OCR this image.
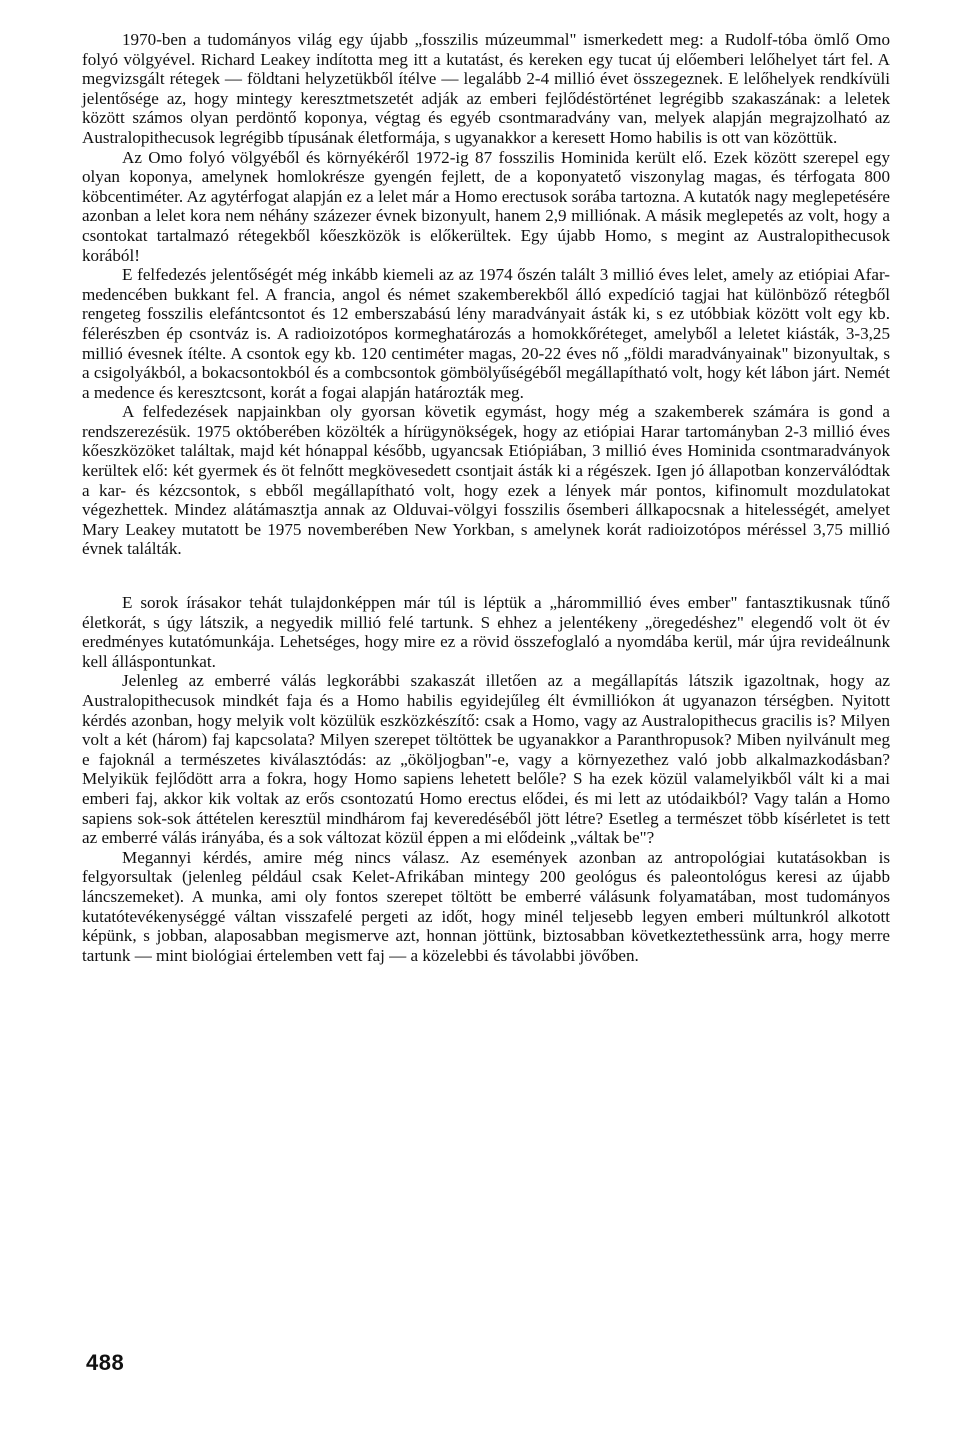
1970-ben a tudományos világ egy újabb „fosszilis múzeummal" ismerkedett meg: a Rudolf-tóba ömlő Omo folyó völgyével. Richard Leakey indította meg itt a kutatást, és kereken egy tucat új előemberi lelőhelyet tárt fel. A megvizsgált rétegek — földtani helyzetükből ítélve — legalább 2-4 millió évet összegeznek. E lelőhelyek rendkívüli jelentősége az, hogy mintegy keresztmetszetét adják az emberi fejlődéstörténet legrégibb szakaszának: a leletek között számos olyan perdöntő koponya, végtag és egyéb csontmaradvány van, melyek alapján megrajzolható az Australopithecusok legrégibb típusának életformája, s ugyanakkor a keresett Homo habilis is ott van közöttük.

Az Omo folyó völgyéből és környékéről 1972-ig 87 fosszilis Hominida került elő. Ezek között szerepel egy olyan koponya, amelynek homlokrésze gyengén fejlett, de a koponyatető viszonylag magas, és térfogata 800 köbcentiméter. Az agytérfogat alapján ez a lelet már a Homo erectusok sorába tartozna. A kutatók nagy meglepetésére azonban a lelet kora nem néhány százezer évnek bizonyult, hanem 2,9 milliónak. A másik meglepetés az volt, hogy a csontokat tartalmazó rétegekből kőeszközök is előkerültek. Egy újabb Homo, s megint az Australopithecusok korából!

E felfedezés jelentőségét még inkább kiemeli az az 1974 őszén talált 3 millió éves lelet, amely az etiópiai Afar-medencében bukkant fel. A francia, angol és német szakemberekből álló expedíció tagjai hat különböző rétegből rengeteg fosszilis elefántcsontot és 12 emberszabású lény maradványait ásták ki, s ez utóbbiak között volt egy kb. félerészben ép csontváz is. A radioizotópos kormeghatározás a homokkőréteget, amelyből a leletet kiásták, 3-3,25 millió évesnek ítélte. A csontok egy kb. 120 centiméter magas, 20-22 éves nő „földi maradványainak" bizonyultak, s a csigolyákból, a bokacsontokból és a combcsontok gömbölyűségéből megállapítható volt, hogy két lábon járt. Nemét a medence és keresztcsont, korát a fogai alapján határozták meg.

A felfedezések napjainkban oly gyorsan követik egymást, hogy még a szakemberek számára is gond a rendszerezésük. 1975 októberében közölték a hírügynökségek, hogy az etiópiai Harar tartományban 2-3 millió éves kőeszközöket találtak, majd két hónappal később, ugyancsak Etiópiában, 3 millió éves Hominida csontmaradványok kerültek elő: két gyermek és öt felnőtt megkövesedett csontjait ásták ki a régészek. Igen jó állapotban konzerválódtak a kar- és kézcsontok, s ebből megállapítható volt, hogy ezek a lények már pontos, kifinomult mozdulatokat végezhettek. Mindez alátámasztja annak az Olduvai-völgyi fosszilis ősemberi állkapocsnak a hitelességét, amelyet Mary Leakey mutatott be 1975 novemberében New Yorkban, s amelynek korát radioizotópos méréssel 3,75 millió évnek találták.

E sorok írásakor tehát tulajdonképpen már túl is léptük a „hárommillió éves ember" fantasztikusnak tűnő életkorát, s úgy látszik, a negyedik millió felé tartunk. S ehhez a jelentékeny „öregedéshez" elegendő volt öt év eredményes kutatómunkája. Lehetséges, hogy mire ez a rövid összefoglaló a nyomdába kerül, már újra revideálnunk kell álláspontunkat.

Jelenleg az emberré válás legkorábbi szakaszát illetően az a megállapítás látszik igazoltnak, hogy az Australopithecusok mindkét faja és a Homo habilis egyidejűleg élt évmilliókon át ugyanazon térségben. Nyitott kérdés azonban, hogy melyik volt közülük eszközkészítő: csak a Homo, vagy az Australopithecus gracilis is? Milyen volt a két (három) faj kapcsolata? Milyen szerepet töltöttek be ugyanakkor a Paranthropusok? Miben nyilvánult meg e fajoknál a természetes kiválasztódás: az „ököljogban"-e, vagy a környezethez való jobb alkalmazkodásban? Melyikük fejlődött arra a fokra, hogy Homo sapiens lehetett belőle? S ha ezek közül valamelyikből vált ki a mai emberi faj, akkor kik voltak az erős csontozatú Homo erectus elődei, és mi lett az utódaikból? Vagy talán a Homo sapiens sok-sok áttételen keresztül mindhárom faj keveredéséből jött létre? Esetleg a természet több kísérletet is tett az emberré válás irányába, és a sok változat közül éppen a mi elődeink „váltak be"?

Megannyi kérdés, amire még nincs válasz. Az események azonban az antropológiai kutatásokban is felgyorsultak (jelenleg például csak Kelet-Afrikában mintegy 200 geológus és paleontológus keresi az újabb láncszemeket). A munka, ami oly fontos szerepet töltött be emberré válásunk folyamatában, most tudományos kutatótevékenységgé váltan visszafelé pergeti az időt, hogy minél teljesebb legyen emberi múltunkról alkotott képünk, s jobban, alaposabban megismerve azt, honnan jöttünk, biztosabban következtethessünk arra, hogy merre tartunk — mint biológiai értelemben vett faj — a közelebbi és távolabbi jövőben.

488
